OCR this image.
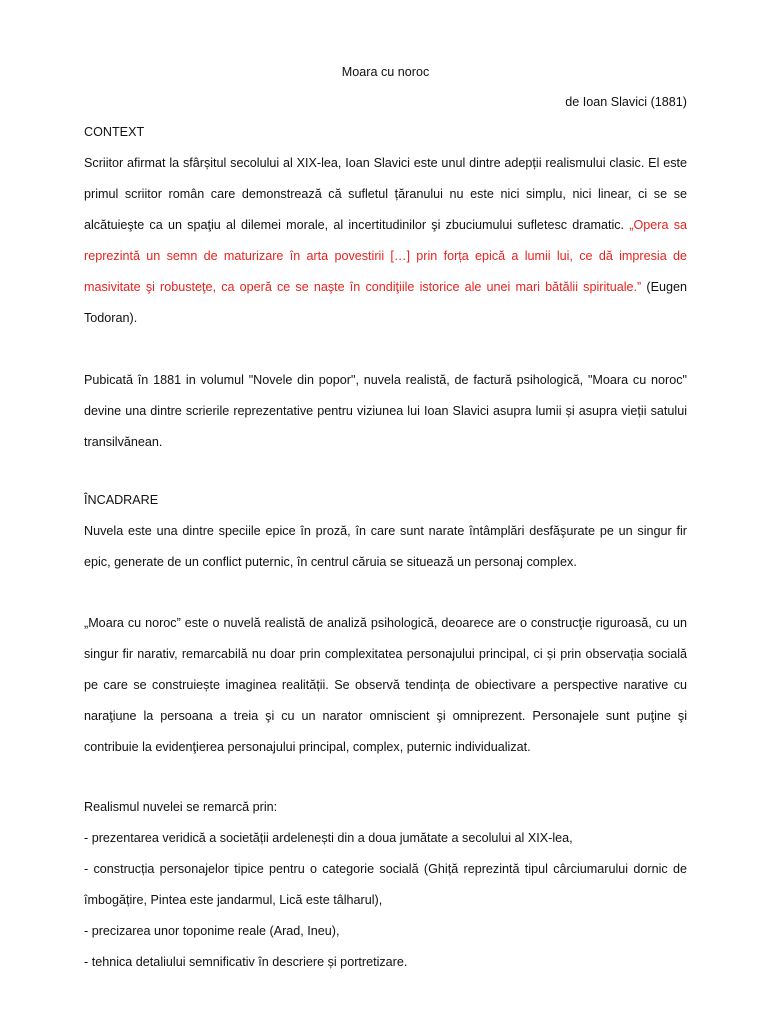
Moara cu noroc

de Ioan Slavici (1881)

CONTEXT

Scriitor afirmat la sfârșitul secolului al XIX-lea, Ioan Slavici este unul dintre adepții realismului clasic. El este primul scriitor român care demonstrează că sufletul țăranului nu este nici simplu, nici linear, ci se se alcătuieşte ca un spaţiu al dilemei morale, al incertitudinilor şi zbuciumului sufletesc dramatic. „Opera sa reprezintă un semn de maturizare în arta povestirii […] prin forța epică a lumii lui, ce dă impresia de masivitate şi robusteţe, ca operă ce se naşte în condiţiile istorice ale unei mari bătălii spirituale.” (Eugen Todoran).

Pubicată în 1881 in volumul "Novele din popor", nuvela realistă, de factură psihologică, "Moara cu noroc" devine una dintre scrierile reprezentative pentru viziunea lui Ioan Slavici asupra lumii și asupra vieții satului transilvănean.

ÎNCADRARE

Nuvela este una dintre speciile epice în proză, în care sunt narate întâmplări desfăşurate pe un singur fir epic, generate de un conflict puternic, în centrul căruia se situează un personaj complex.

„Moara cu noroc” este o nuvelă realistă de analiză psihologică, deoarece are o construcţie riguroasă, cu un singur fir narativ, remarcabilă nu doar prin complexitatea personajului principal, ci și prin observația socială pe care se construiește imaginea realității. Se observă tendința de obiectivare a perspective narative cu naraţiune la persoana a treia şi cu un narator omniscient şi omniprezent. Personajele sunt puţine şi contribuie la evidenţierea personajului principal, complex, puternic individualizat.

Realismul nuvelei se remarcă prin:

- prezentarea veridică a societății ardelenești din a doua jumătate a secolului al XIX-lea,
- construcția personajelor tipice pentru o categorie socială (Ghiță reprezintă tipul cârciumarului dornic de îmbogățire, Pintea este jandarmul, Lică este tâlharul),
- precizarea unor toponime reale (Arad, Ineu),
- tehnica detaliului semnificativ în descriere și portretizare.
